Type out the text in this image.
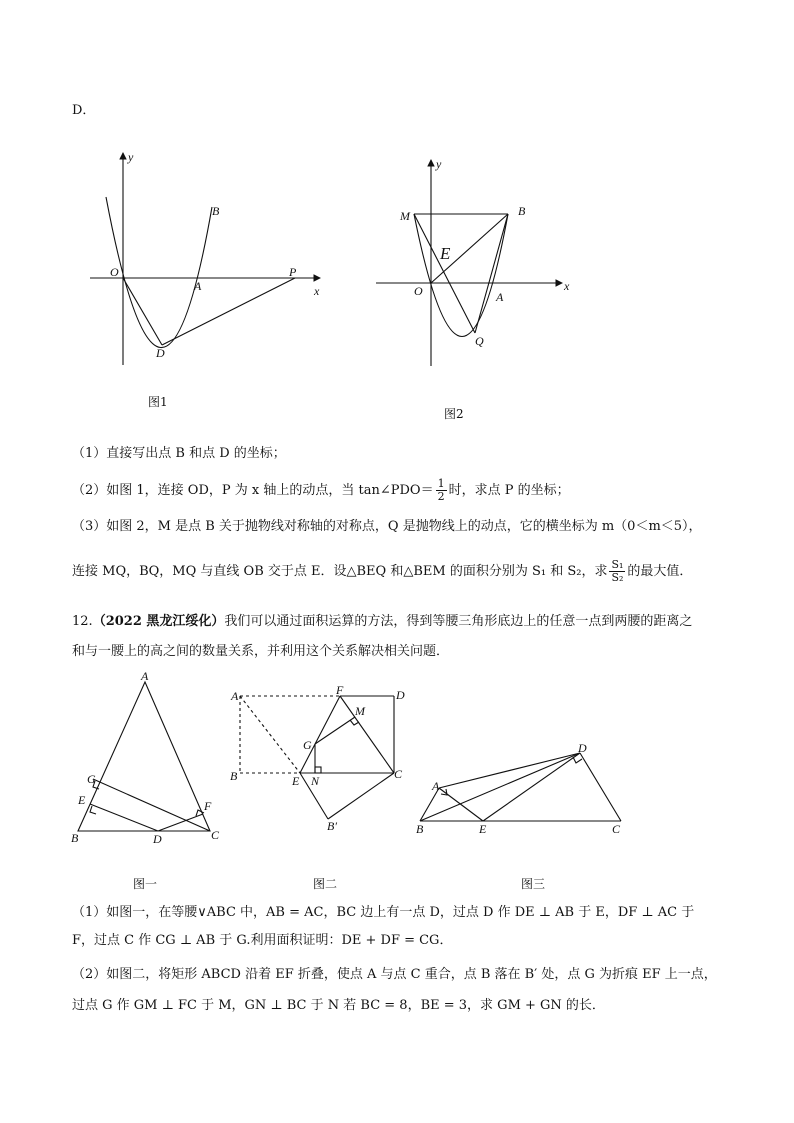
D．
y
x
O
A
B
P
D
图1
y
x
O	A
B
M
E
Q
图2
（1）直接写出点 B 和点 D 的坐标；
（2）如图 1，连接 OD，P 为 x 轴上的动点，当 tan∠PDO＝ $\frac{1}{2}$ 时，求点 P 的坐标；
（3）如图 2，M 是点 B 关于抛物线对称轴的对称点，Q 是抛物线上的动点，它的横坐标为 m（0＜m＜5），
连接 MQ，BQ，MQ 与直线 OB 交于点 E．设△BEQ 和△BEM 的面积分别为 S₁ 和 S₂，求 $\frac{\text{S₁}}{\text{S₂}}$ 的最大值．
12.（2022 黑龙江绥化）我们可以通过面积运算的方法，得到等腰三角形底边上的任意一点到两腰的距离之
和与一腰上的高之间的数量关系，并利用这个关系解决相关问题．
A
B	C
D
E	F
G
图一
A
B	C
D
E
F
G
M
N
B′
图二
A
B	C
D
E
图三
（1）如图一，在等腰∨ABC 中，AB = AC，BC 边上有一点 D，过点 D 作 DE ⊥ AB 于 E，DF ⊥ AC 于
F，过点 C 作 CG ⊥ AB 于 G.利用面积证明：DE + DF = CG．
（2）如图二，将矩形 ABCD 沿着 EF 折叠，使点 A 与点 C 重合，点 B 落在 B′ 处，点 G 为折痕 EF 上一点，
过点 G 作 GM ⊥ FC 于 M，GN ⊥ BC 于 N 若 BC = 8，BE = 3，求 GM + GN 的长．
